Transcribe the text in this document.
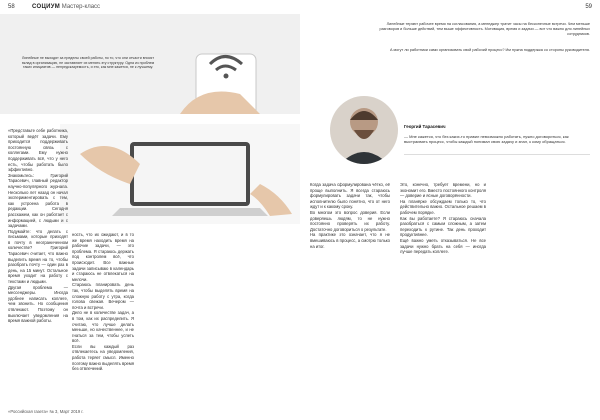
58	СОЦИУМ Мастер-класс
Линейные не выходят за пределы своей работы, но то, что они отчасти вносят вклад в организацию, не заставляет их менять эту структуру. Одна из проблем таких инициатив — непредсказуемость, и это, как мне кажется, не к лучшему.
«Представьте себе работника, который ведёт задачи. Ему приходится поддерживать постоянную связь с коллегами. Ему нужно поддерживать всё, что у него есть, чтобы работать было эффективно.
Знакомьтесь: Григорий Тарасевич, главный редактор научно-популярного журнала. Несколько лет назад он начал экспериментировать с тем, как устроена работа в редакции. Сегодня расскажем, как он работает с информацией, с людьми и с задачами.
Подумайте: что делать с письмами, которые приходят в почту в неограниченном количестве? Григорий Тарасевич считает, что важно выделить время на то, чтобы разобрать почту — один раз в день, на 15 минут. Остальное время уходит на работу с текстами и людьми.
Другая проблема — мессенджеры. Иногда удобнее написать коллеге, чем звонить. Но сообщения отвлекают. Поэтому он выключает уведомления на время важной работы.
ность, что их ожидают, и в то же время находить время на рабочие задачи, — это проблема. Я стараюсь держать под контролем всё, что происходит. Все важные задачи записываю в календарь и стараюсь не отвлекаться на мелочи.
Стараюсь планировать день так, чтобы выделять время на сложную работу с утра, когда голова свежая. Вечером — почта и встречи.
Дело не в количестве задач, а в том, как их распределить. Я считаю, что лучше делать меньше, но качественнее, и не гнаться за тем, чтобы успеть всё.
Если вы каждый раз отвлекаетесь на уведомления, работа теряет смысл. Именно поэтому важно выделять время без отвлечений.
«Российская газета» № 3, Март 2019 г.
59
Линейные теряют рабочее время на согласования, а менеджер тратит часы на бесконечные встречи. Чем меньше разговоров и больше действий, тем выше эффективность. Мотивация, время и задачи — вот что важно для линейных сотрудников.
А могут ли работники сами организовать свой рабочий процесс? Им нужна поддержка со стороны руководителя.
Георгий Тарасевич
— Мне кажется, что без каких-то правил невозможно работать, нужно договориться, как выстраивать процесс, чтобы каждый понимал свою задачу и знал, к кому обращаться.
Когда задача сформулирована чётко, её проще выполнить. Я всегда стараюсь формулировать задачи так, чтобы исполнителю было понятно, что от него ждут и к какому сроку.
Во многом это вопрос доверия. Если доверяешь людям, то не нужно постоянно проверять их работу. Достаточно договориться о результате.
На практике это означает, что я не вмешиваюсь в процесс, а смотрю только на итог.
Это, конечно, требует времени, но и экономит его. Вместо постоянного контроля — доверие и ясные договорённости.
На планёрке обсуждаем только то, что действительно важно. Остальное решаем в рабочем порядке.
Как вы работаете? Я стараюсь сначала разобраться с самым сложным, а затем переходить к рутине. Так день проходит продуктивнее.
Ещё важно уметь отказываться. Не все задачи нужно брать на себя — иногда лучше передать коллеге.
